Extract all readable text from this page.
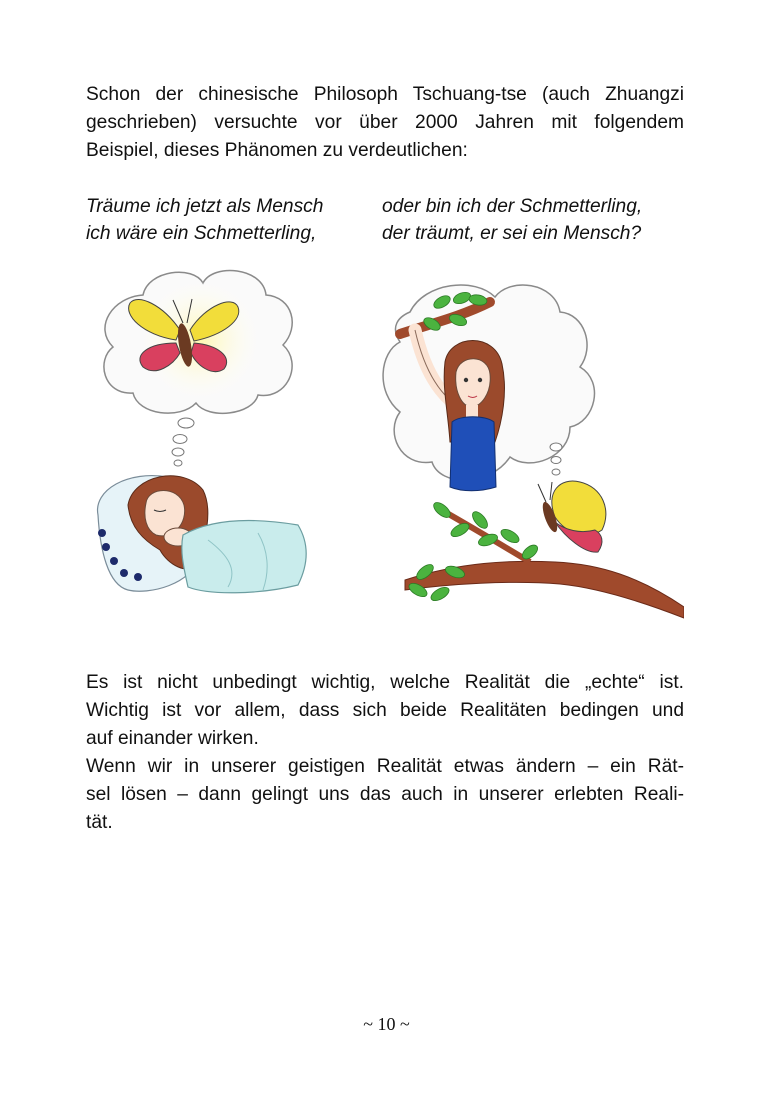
Schon der chinesische Philosoph Tschuang-tse (auch Zhuangzi
geschrieben) versuchte vor über 2000 Jahren mit folgendem
Beispiel, dieses Phänomen zu verdeutlichen:

Träume ich jetzt als Mensch
ich wäre ein Schmetterling,
oder bin ich der Schmetterling,
der träumt, er sei ein Mensch?

Es ist nicht unbedingt wichtig, welche Realität die „echte“ ist.
Wichtig ist vor allem, dass sich beide Realitäten bedingen und
auf einander wirken.

Wenn wir in unserer geistigen Realität etwas ändern – ein Rät-
sel lösen – dann gelingt uns das auch in unserer erlebten Reali-
tät.

~ 10 ~
